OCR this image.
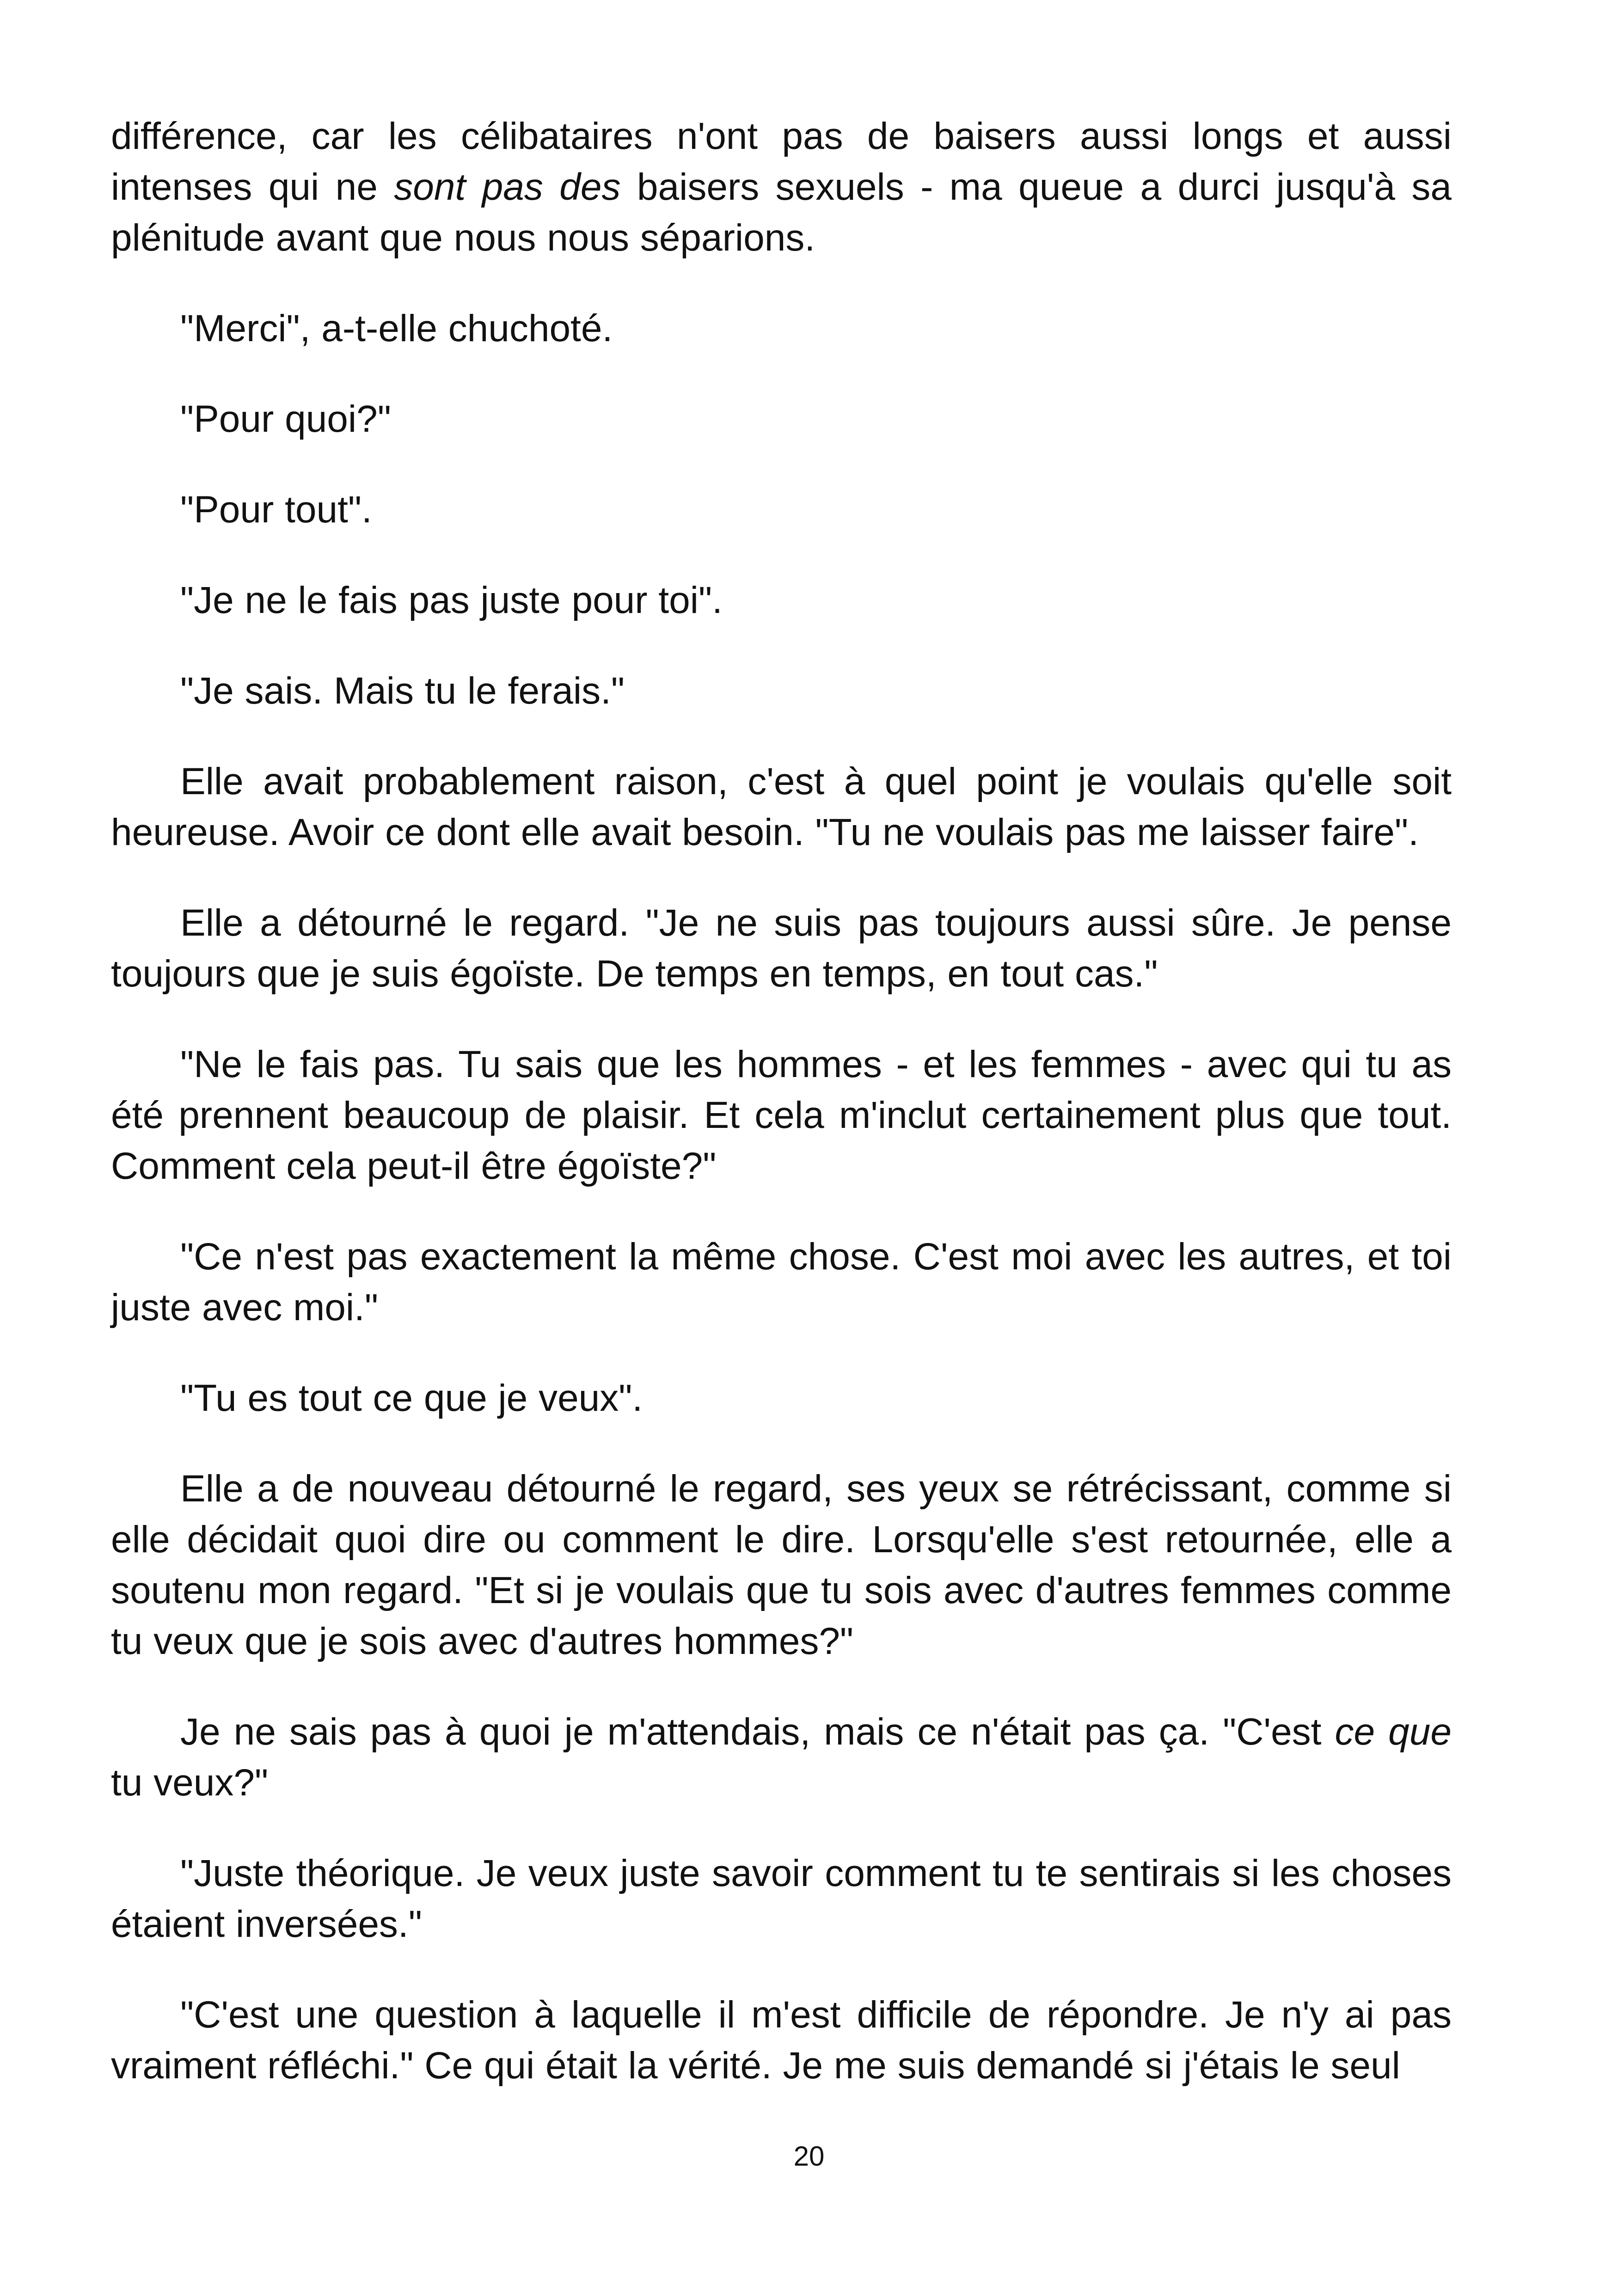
différence, car les célibataires n'ont pas de baisers aussi longs et aussi intenses qui ne sont pas des baisers sexuels - ma queue a durci jusqu'à sa plénitude avant que nous nous séparions.

"Merci", a-t-elle chuchoté.

"Pour quoi?"

"Pour tout".

"Je ne le fais pas juste pour toi".

"Je sais. Mais tu le ferais."

Elle avait probablement raison, c'est à quel point je voulais qu'elle soit heureuse. Avoir ce dont elle avait besoin. "Tu ne voulais pas me laisser faire".

Elle a détourné le regard. "Je ne suis pas toujours aussi sûre. Je pense toujours que je suis égoïste. De temps en temps, en tout cas."

"Ne le fais pas. Tu sais que les hommes - et les femmes - avec qui tu as été prennent beaucoup de plaisir. Et cela m'inclut certainement plus que tout. Comment cela peut-il être égoïste?"

"Ce n'est pas exactement la même chose. C'est moi avec les autres, et toi juste avec moi."

"Tu es tout ce que je veux".

Elle a de nouveau détourné le regard, ses yeux se rétrécissant, comme si elle décidait quoi dire ou comment le dire. Lorsqu'elle s'est retournée, elle a soutenu mon regard. "Et si je voulais que tu sois avec d'autres femmes comme tu veux que je sois avec d'autres hommes?"

Je ne sais pas à quoi je m'attendais, mais ce n'était pas ça. "C'est ce que tu veux?"

"Juste théorique. Je veux juste savoir comment tu te sentirais si les choses étaient inversées."

"C'est une question à laquelle il m'est difficile de répondre. Je n'y ai pas vraiment réfléchi." Ce qui était la vérité. Je me suis demandé si j'étais le seul

20
